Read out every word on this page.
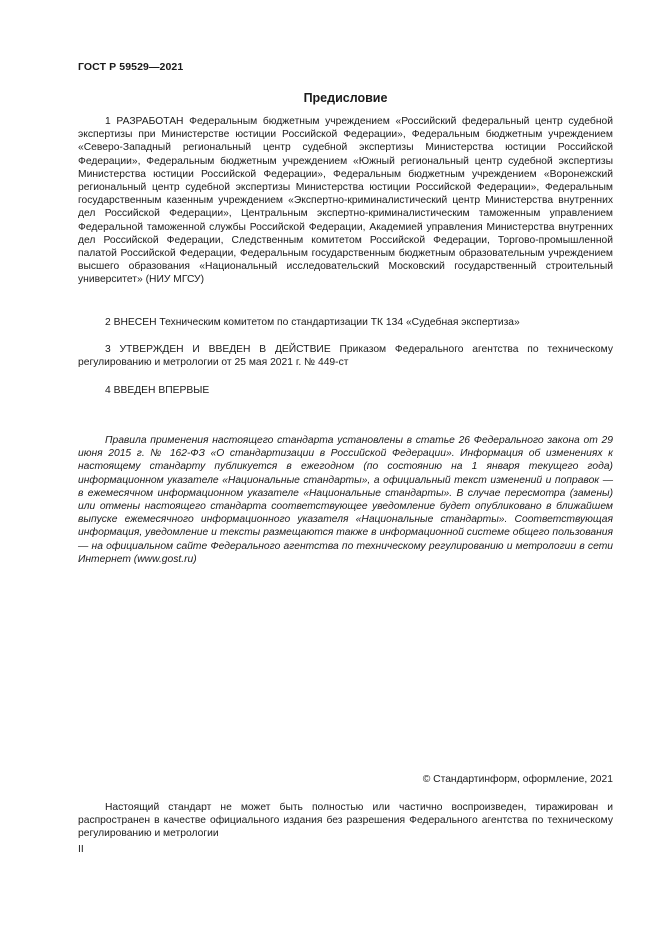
ГОСТ Р 59529—2021
Предисловие

1 РАЗРАБОТАН Федеральным бюджетным учреждением «Российский федеральный центр судебной экспертизы при Министерстве юстиции Российской Федерации», Федеральным бюджетным учреждением «Северо-Западный региональный центр судебной экспертизы Министерства юстиции Российской Федерации», Федеральным бюджетным учреждением «Южный региональный центр судебной экспертизы Министерства юстиции Российской Федерации», Федеральным бюджетным учреждением «Воронежский региональный центр судебной экспертизы Министерства юстиции Российской Федерации», Федеральным государственным казенным учреждением «Экспертно-криминалистический центр Министерства внутренних дел Российской Федерации», Центральным экспертно-криминалистическим таможенным управлением Федеральной таможенной службы Российской Федерации, Академией управления Министерства внутренних дел Российской Федерации, Следственным комитетом Российской Федерации, Торгово-промышленной палатой Российской Федерации, Федеральным государственным бюджетным образовательным учреждением высшего образования «Национальный исследовательский Московский государственный строительный университет» (НИУ МГСУ)

2 ВНЕСЕН Техническим комитетом по стандартизации ТК 134 «Судебная экспертиза»

3 УТВЕРЖДЕН И ВВЕДЕН В ДЕЙСТВИЕ Приказом Федерального агентства по техническому регулированию и метрологии от 25 мая 2021 г. № 449-ст

4 ВВЕДЕН ВПЕРВЫЕ

Правила применения настоящего стандарта установлены в статье 26 Федерального закона от 29 июня 2015 г. № 162-ФЗ «О стандартизации в Российской Федерации». Информация об изменениях к настоящему стандарту публикуется в ежегодном (по состоянию на 1 января текущего года) информационном указателе «Национальные стандарты», а официальный текст изменений и поправок — в ежемесячном информационном указателе «Национальные стандарты». В случае пересмотра (замены) или отмены настоящего стандарта соответствующее уведомление будет опубликовано в ближайшем выпуске ежемесячного информационного указателя «Национальные стандарты». Соответствующая информация, уведомление и тексты размещаются также в информационной системе общего пользования — на официальном сайте Федерального агентства по техническому регулированию и метрологии в сети Интернет (www.gost.ru)

© Стандартинформ, оформление, 2021

Настоящий стандарт не может быть полностью или частично воспроизведен, тиражирован и распространен в качестве официального издания без разрешения Федерального агентства по техническому регулированию и метрологии

II
